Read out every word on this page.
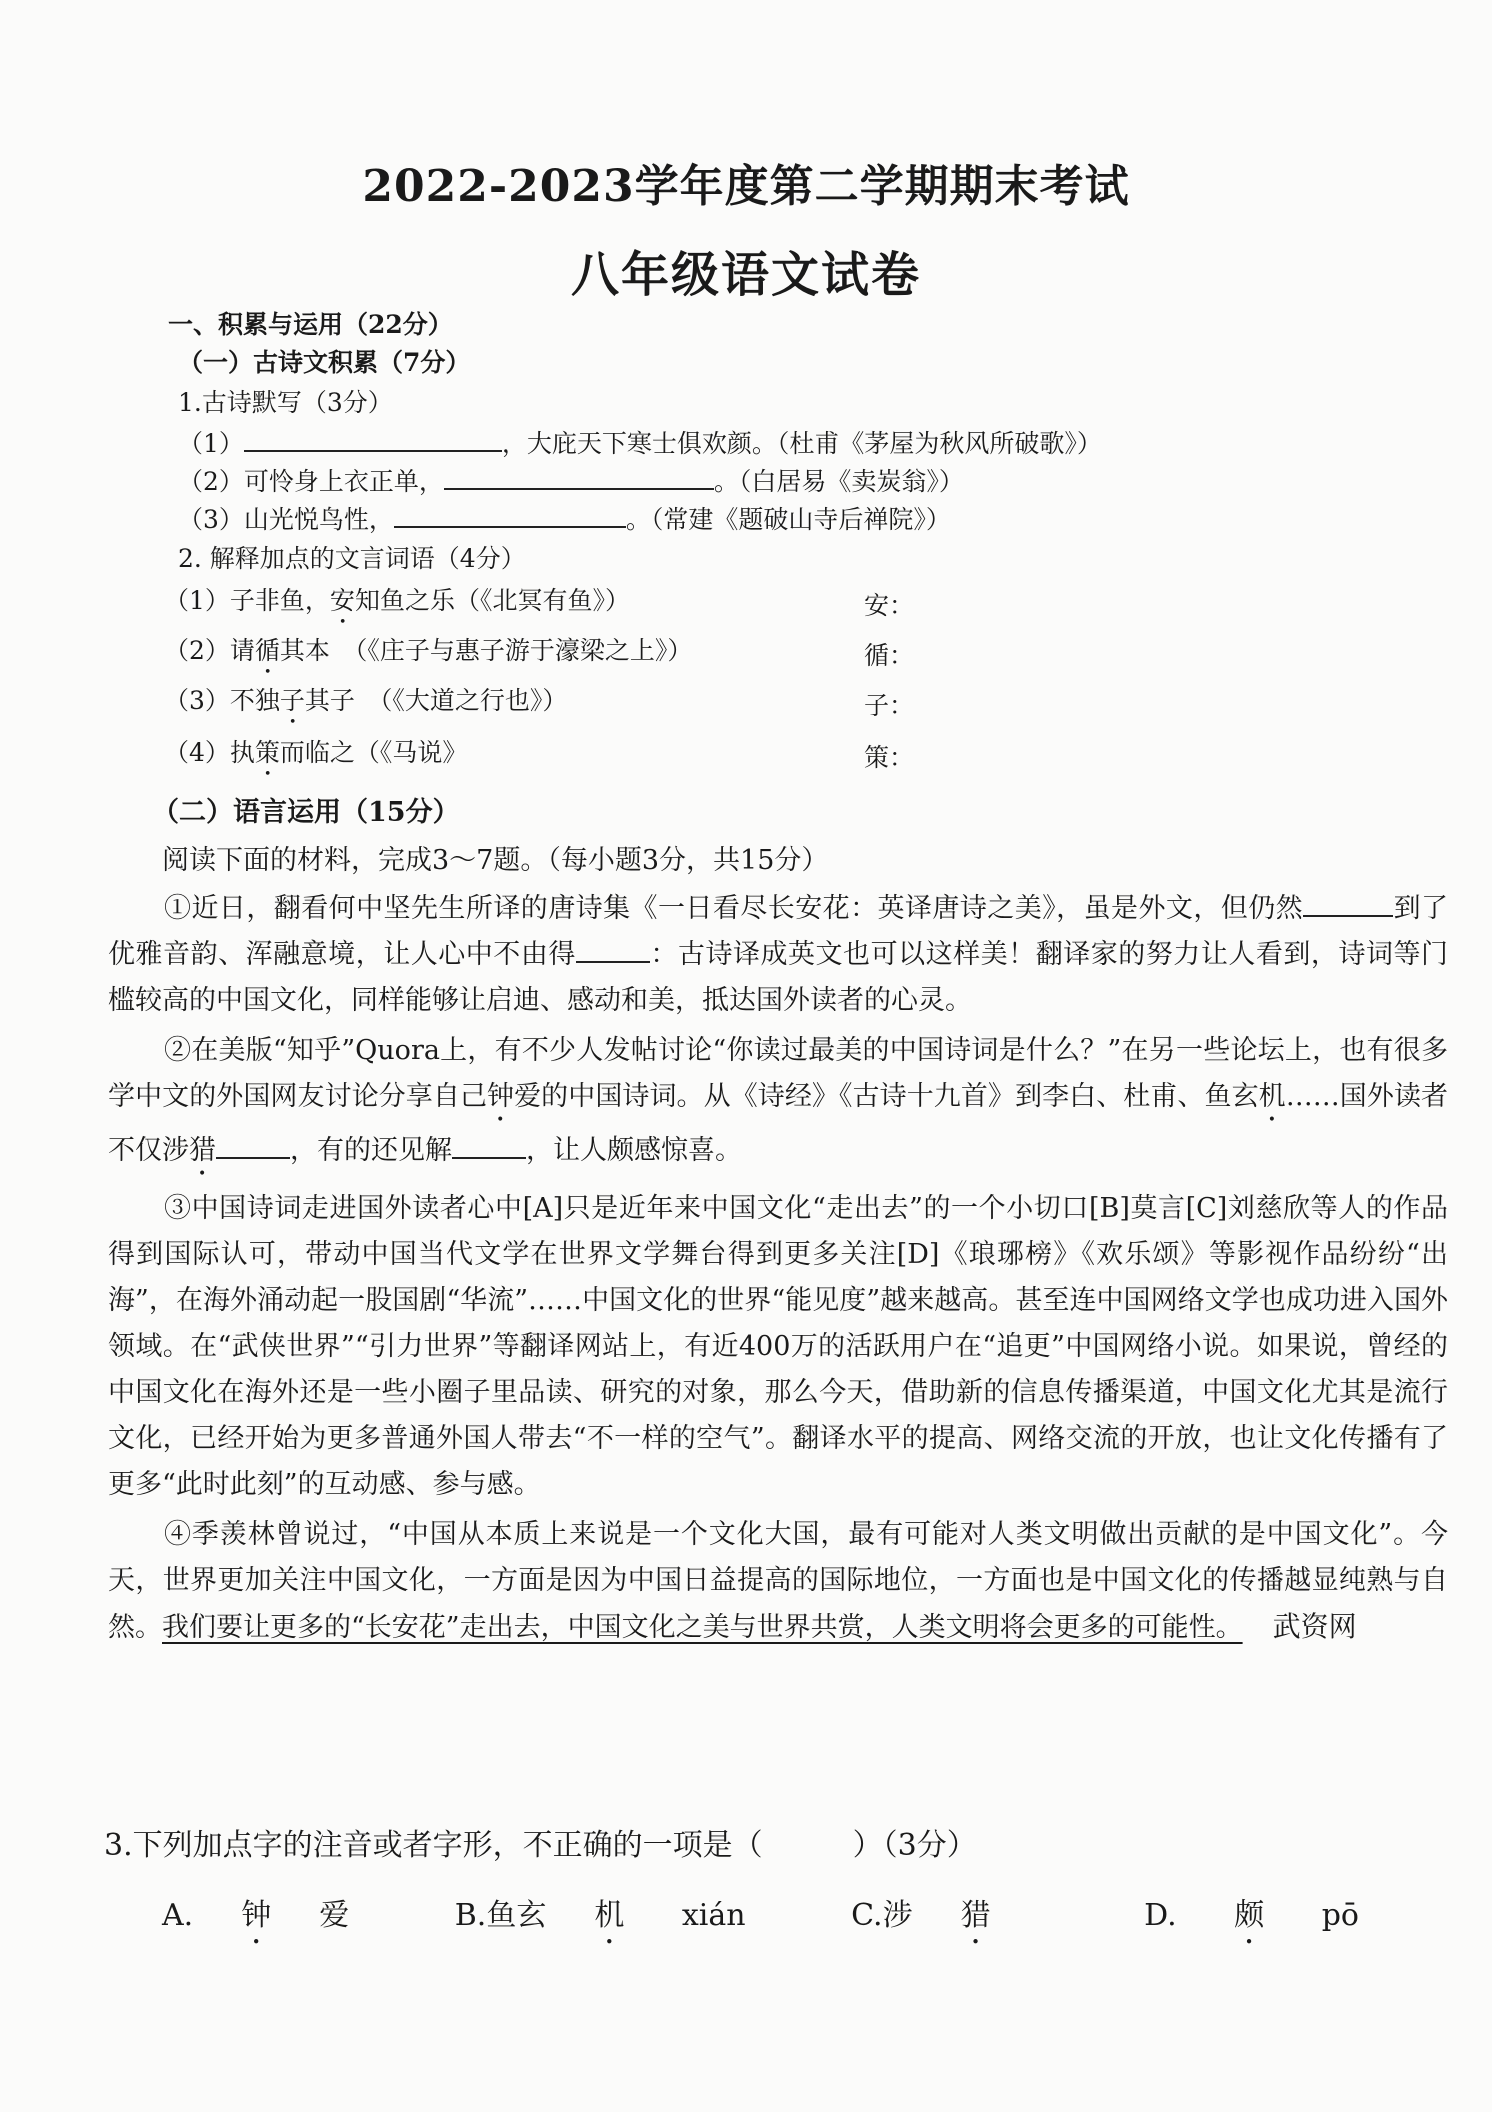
2022-2023学年度第二学期期末考试
八年级语文试卷
一、积累与运用（22分）
（一）古诗文积累（7分）
1.古诗默写（3分）
（1）	，大庇天下寒士俱欢颜。（杜甫《茅屋为秋风所破歌》）
（2）可怜身上衣正单，	。（白居易《卖炭翁》）
（3）山光悦鸟性，	。（常建《题破山寺后禅院》）
2. 解释加点的文言词语（4分）
（1）子非鱼，安知鱼之乐（《北冥有鱼》）	安：
（2）请循其本　（《庄子与惠子游于濠梁之上》）	循：
（3）不独子其子　（《大道之行也》）	子：
（4）执策而临之（《马说》	策：
（二）语言运用（15分）
阅读下面的材料，完成3～7题。（每小题3分，共15分）

①近日，翻看何中坚先生所译的唐诗集《一日看尽长安花：英译唐诗之美》，虽是外文，但仍然	到了优雅音韵、浑融意境，让人心中不由得	：古诗译成英文也可以这样美！翻译家的努力让人看到，诗词等门槛较高的中国文化，同样能够让启迪、感动和美，抵达国外读者的心灵。

②在美版“知乎”Quora上，有不少人发帖讨论“你读过最美的中国诗词是什么？”在另一些论坛上，也有很多学中文的外国网友讨论分享自己钟爱的中国诗词。从《诗经》《古诗十九首》到李白、杜甫、鱼玄机……国外读者不仅涉猎	，有的还见解	，让人颇感惊喜。

③中国诗词走进国外读者心中[A]只是近年来中国文化“走出去”的一个小切口[B]莫言[C]刘慈欣等人的作品得到国际认可，带动中国当代文学在世界文学舞台得到更多关注[D]《琅琊榜》《欢乐颂》等影视作品纷纷“出海”，在海外涌动起一股国剧“华流”……中国文化的世界“能见度”越来越高。甚至连中国网络文学也成功进入国外领域。在“武侠世界”“引力世界”等翻译网站上，有近400万的活跃用户在“追更”中国网络小说。如果说，曾经的中国文化在海外还是一些小圈子里品读、研究的对象，那么今天，借助新的信息传播渠道，中国文化尤其是流行文化，已经开始为更多普通外国人带去“不一样的空气”。翻译水平的提高、网络交流的开放，也让文化传播有了更多“此时此刻”的互动感、参与感。

④季羡林曾说过，“中国从本质上来说是一个文化大国，最有可能对人类文明做出贡献的是中国文化”。今天，世界更加关注中国文化，一方面是因为中国日益提高的国际地位，一方面也是中国文化的传播越显纯熟与自然。我们要让更多的“长安花”走出去，中国文化之美与世界共赏，人类文明将会更多的可能性。 武资网

3.下列加点字的注音或者字形，不正确的一项是（　　　）（3分）
A. 钟 爱	B.鱼玄 机 xián	C.涉 猎	D. 颇 pō
